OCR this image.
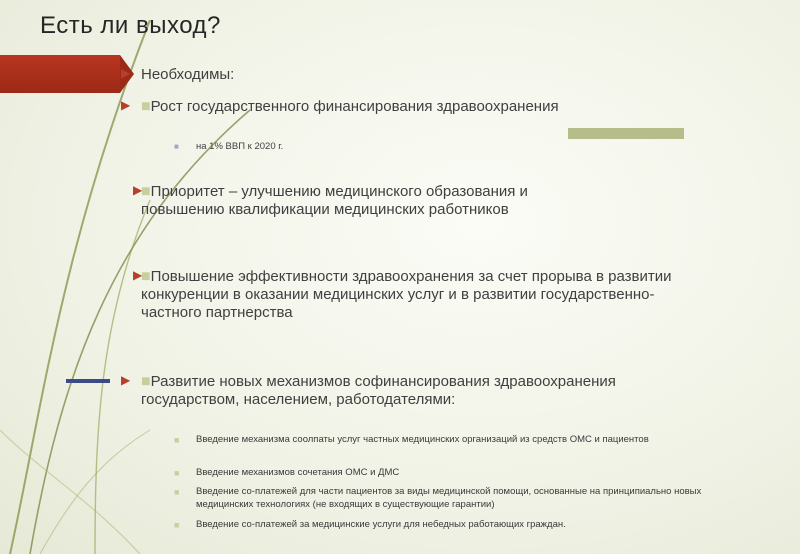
Есть ли выход?
▶ Необходимы:
▶ ■Рост государственного финансирования здравоохранения
■ на 1% ВВП к 2020 г.
▶
■Приоритет – улучшению медицинского образования и повышению квалификации медицинских работников
▶
■Повышение эффективности здравоохранения за счет прорыва в развитии конкуренции в оказании медицинских услуг и в развитии государственно- частного партнерства
▶ ■Развитие новых механизмов софинансирования здравоохранения государством, населением, работодателями:
■ Введение механизма соолпаты услуг частных медицинских организаций из средств ОМС и пациентов
■ Введение механизмов сочетания ОМС и ДМС
■ Введение со-платежей для части пациентов за виды медицинской помощи, основанные на принципиально новых медицинских технологиях (не входящих в существующие гарантии)
■ Введение со-платежей за медицинские услуги для небедных работающих граждан.
